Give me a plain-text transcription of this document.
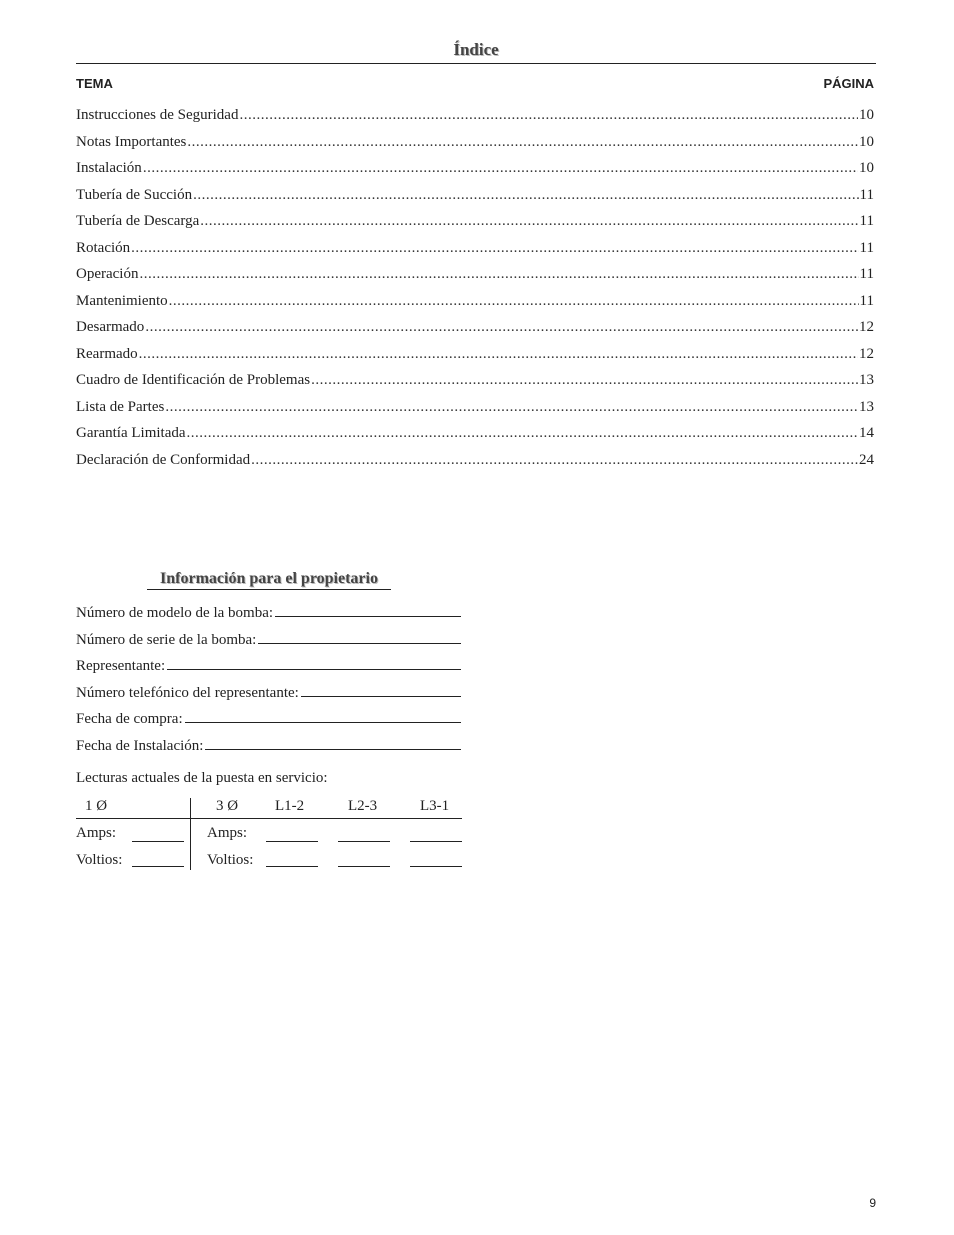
Índice
TEMA	PÁGINA
Instrucciones de Seguridad .....	10
Notas Importantes .....	10
Instalación .....	10
Tubería de Succión .....	11
Tubería de Descarga .....	11
Rotación .....	11
Operación .....	11
Mantenimiento .....	11
Desarmado .....	12
Rearmado .....	12
Cuadro de Identificación de Problemas .....	13
Lista de Partes .....	13
Garantía Limitada .....	14
Declaración de Conformidad .....	24
Información para el propietario
Número de modelo de la bomba:
Número de serie de la bomba:
Representante:
Número telefónico del representante:
Fecha de compra:
Fecha de Instalación:
Lecturas actuales de la puesta en servicio:
1 Ø	3 Ø L1-2	L2-3	L3-1
Amps:	Amps:
Voltios:	Voltios:
9
